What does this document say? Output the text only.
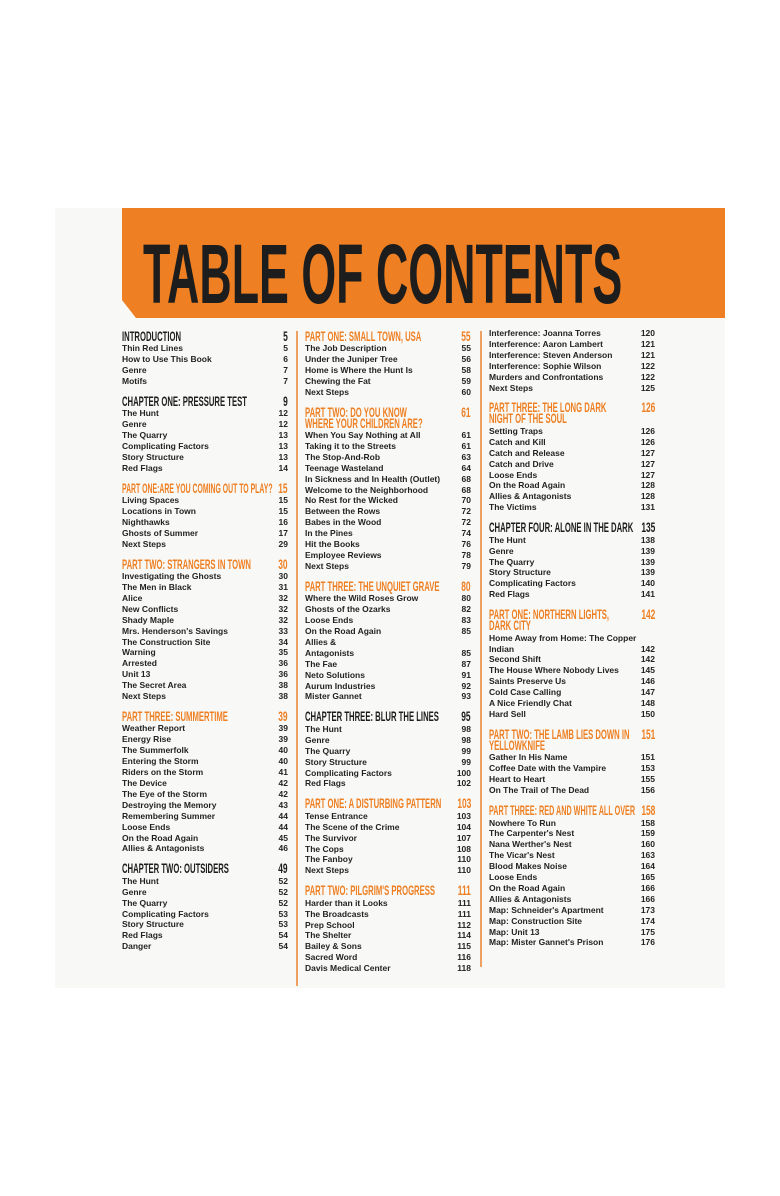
TABLE OF CONTENTS
INTRODUCTION	5
Thin Red Lines	5
How to Use This Book	6
Genre	7
Motifs	7
CHAPTER ONE: PRESSURE TEST	9
The Hunt	12
Genre	12
The Quarry	13
Complicating Factors	13
Story Structure	13
Red Flags	14
PART ONE:ARE YOU COMING OUT TO PLAY? 15
Living Spaces	15
Locations in Town	15
Nighthawks	16
Ghosts of Summer	17
Next Steps	29
PART TWO: STRANGERS IN TOWN 30
Investigating the Ghosts	30
The Men in Black	31
Alice	32
New Conflicts	32
Shady Maple	32
Mrs. Henderson's Savings	33
The Construction Site	34
Warning	35
Arrested	36
Unit 13	36
The Secret Area	38
Next Steps	38
PART THREE: SUMMERTIME	39
Weather Report	39
Energy Rise	39
The Summerfolk	40
Entering the Storm	40
Riders on the Storm	41
The Device	42
The Eye of the Storm	42
Destroying the Memory	43
Remembering Summer	44
Loose Ends	44
On the Road Again	45
Allies & Antagonists	46
CHAPTER TWO: OUTSIDERS	49
The Hunt	52
Genre	52
The Quarry	52
Complicating Factors	53
Story Structure	53
Red Flags	54
Danger	54
PART ONE: SMALL TOWN, USA	55
The Job Description	55
Under the Juniper Tree	56
Home is Where the Hunt Is	58
Chewing the Fat	59
Next Steps	60
PART TWO: DO YOU KNOW
WHERE YOUR CHILDREN ARE?
61
When You Say Nothing at All	61
Taking it to the Streets	61
The Stop-And-Rob	63
Teenage Wasteland	64
In Sickness and In Health (Outlet)	68
Welcome to the Neighborhood	68
No Rest for the Wicked	70
Between the Rows	72
Babes in the Wood	72
In the Pines	74
Hit the Books	76
Employee Reviews	78
Next Steps	79
PART THREE: THE UNQUIET GRAVE 80
Where the Wild Roses Grow	80
Ghosts of the Ozarks	82
Loose Ends	83
On the Road Again	85
Allies &
Antagonists	85
The Fae	87
Neto Solutions	91
Aurum Industries	92
Mister Gannet	93
CHAPTER THREE: BLUR THE LINES 95
The Hunt	98
Genre	98
The Quarry	99
Story Structure	99
Complicating Factors	100
Red Flags	102
PART ONE: A DISTURBING PATTERN 103
Tense Entrance	103
The Scene of the Crime	104
The Survivor	107
The Cops	108
The Fanboy	110
Next Steps	110
PART TWO: PILGRIM'S PROGRESS 111
Harder than it Looks	111
The Broadcasts	111
Prep School	112
The Shelter	114
Bailey & Sons	115
Sacred Word	116
Davis Medical Center	118
Interference: Joanna Torres	120
Interference: Aaron Lambert	121
Interference: Steven Anderson	121
Interference: Sophie Wilson	122
Murders and Confrontations	122
Next Steps	125
PART THREE: THE LONG DARK
NIGHT OF THE SOUL
126
Setting Traps	126
Catch and Kill	126
Catch and Release	127
Catch and Drive	127
Loose Ends	127
On the Road Again	128
Allies & Antagonists	128
The Victims	131
CHAPTER FOUR: ALONE IN THE DARK 135
The Hunt	138
Genre	139
The Quarry	139
Story Structure	139
Complicating Factors	140
Red Flags	141
PART ONE: NORTHERN LIGHTS,
DARK CITY
142
Home Away from Home: The Copper
Indian	142
Second Shift	142
The House Where Nobody Lives	145
Saints Preserve Us	146
Cold Case Calling	147
A Nice Friendly Chat	148
Hard Sell	150
PART TWO: THE LAMB LIES DOWN IN
YELLOWKNIFE
151
Gather In His Name	151
Coffee Date with the Vampire	153
Heart to Heart	155
On The Trail of The Dead	156
PART THREE: RED AND WHITE ALL OVER 158
Nowhere To Run	158
The Carpenter's Nest	159
Nana Werther's Nest	160
The Vicar's Nest	163
Blood Makes Noise	164
Loose Ends	165
On the Road Again	166
Allies & Antagonists	166
Map: Schneider's Apartment	173
Map: Construction Site	174
Map: Unit 13	175
Map: Mister Gannet's Prison	176
